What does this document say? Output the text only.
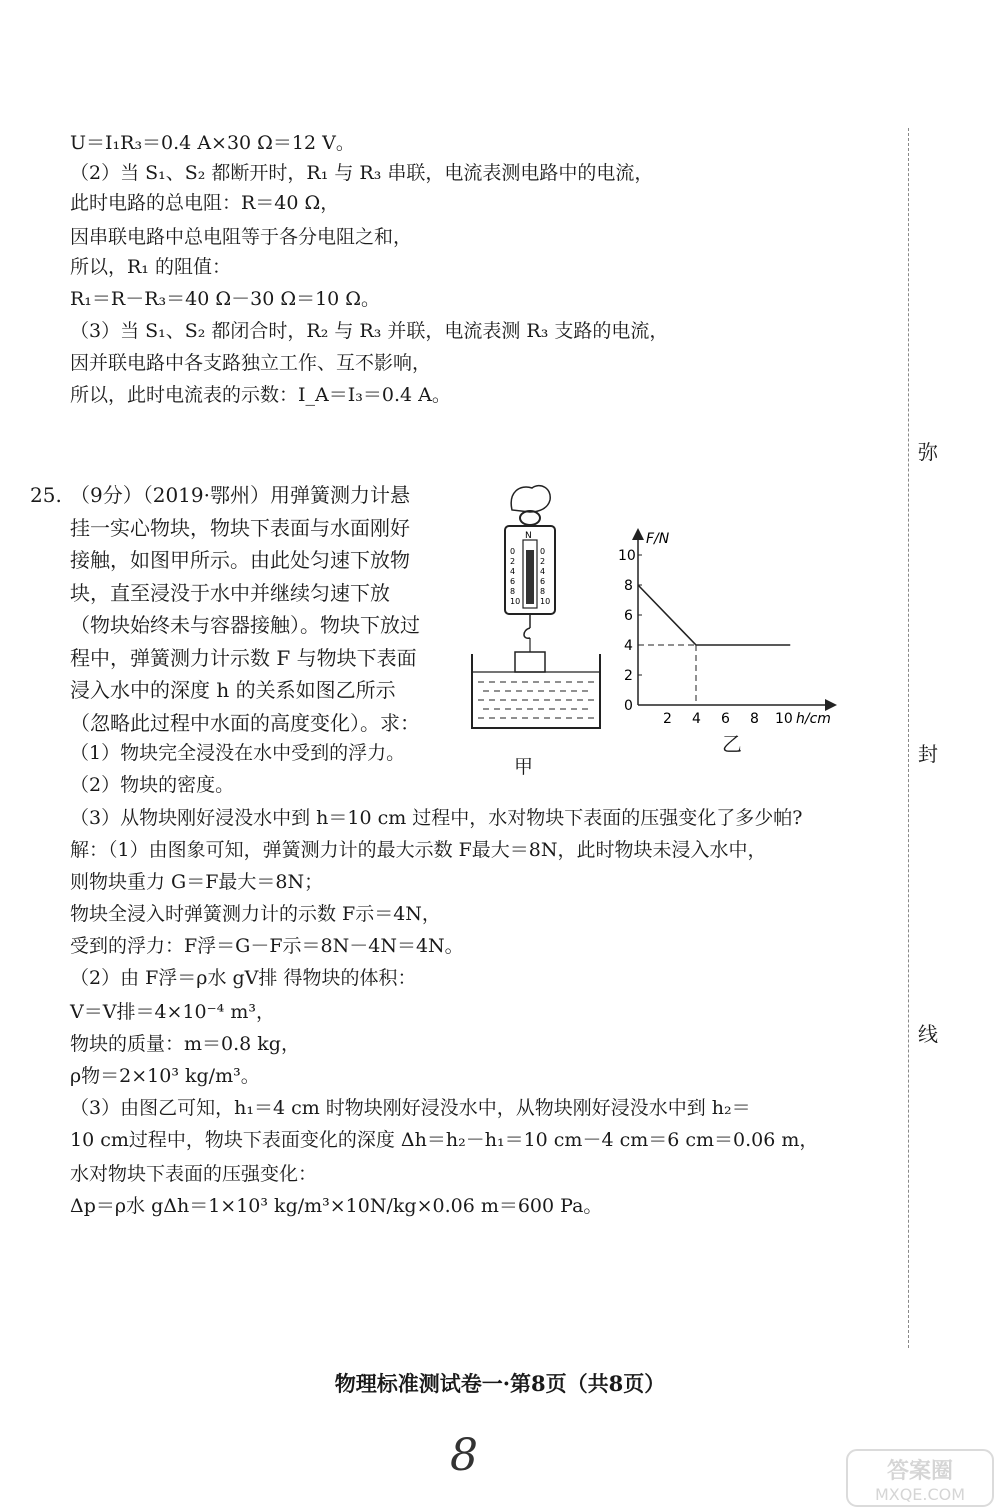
U＝I₁R₃＝0.4 A×30 Ω＝12 V。
（2）当 S₁、S₂ 都断开时，R₁ 与 R₃ 串联，电流表测电路中的电流，
此时电路的总电阻：R＝40 Ω，
因串联电路中总电阻等于各分电阻之和，
所以，R₁ 的阻值：
R₁＝R－R₃＝40 Ω－30 Ω＝10 Ω。
（3）当 S₁、S₂ 都闭合时，R₂ 与 R₃ 并联，电流表测 R₃ 支路的电流，
因并联电路中各支路独立工作、互不影响，
所以，此时电流表的示数：I_A＝I₃＝0.4 A。
25. （9分）（2019·鄂州）用弹簧测力计悬
挂一实心物块，物块下表面与水面刚好
接触，如图甲所示。由此处匀速下放物
块，直至浸没于水中并继续匀速下放
（物块始终未与容器接触）。物块下放过
程中，弹簧测力计示数 F 与物块下表面
浸入水中的深度 h 的关系如图乙所示
（忽略此过程中水面的高度变化）。求：
N
0	0
2	2
4	4
6	6
8	8
10 10
甲
F/N
h/cm
0
2
4
6
8
10
2 4 6 8 10
乙
（1）物块完全浸没在水中受到的浮力。
（2）物块的密度。
（3）从物块刚好浸没水中到 h＝10 cm 过程中，水对物块下表面的压强变化了多少帕?
解：（1）由图象可知，弹簧测力计的最大示数 F最大＝8N，此时物块未浸入水中，
则物块重力 G＝F最大＝8N；
物块全浸入时弹簧测力计的示数 F示＝4N，
受到的浮力：F浮＝G－F示＝8N－4N＝4N。
（2）由 F浮＝ρ水 gV排 得物块的体积：
V＝V排＝4×10⁻⁴ m³，
物块的质量：m＝0.8 kg，
ρ物＝2×10³ kg/m³。
（3）由图乙可知，h₁＝4 cm 时物块刚好浸没水中，从物块刚好浸没水中到 h₂＝
10 cm过程中，物块下表面变化的深度 Δh＝h₂－h₁＝10 cm－4 cm＝6 cm＝0.06 m，
水对物块下表面的压强变化：
Δp＝ρ水 gΔh＝1×10³ kg/m³×10N/kg×0.06 m＝600 Pa。
弥
封
线
物理标准测试卷一·第8页（共8页）
8	答案圈
MXQE.COM
